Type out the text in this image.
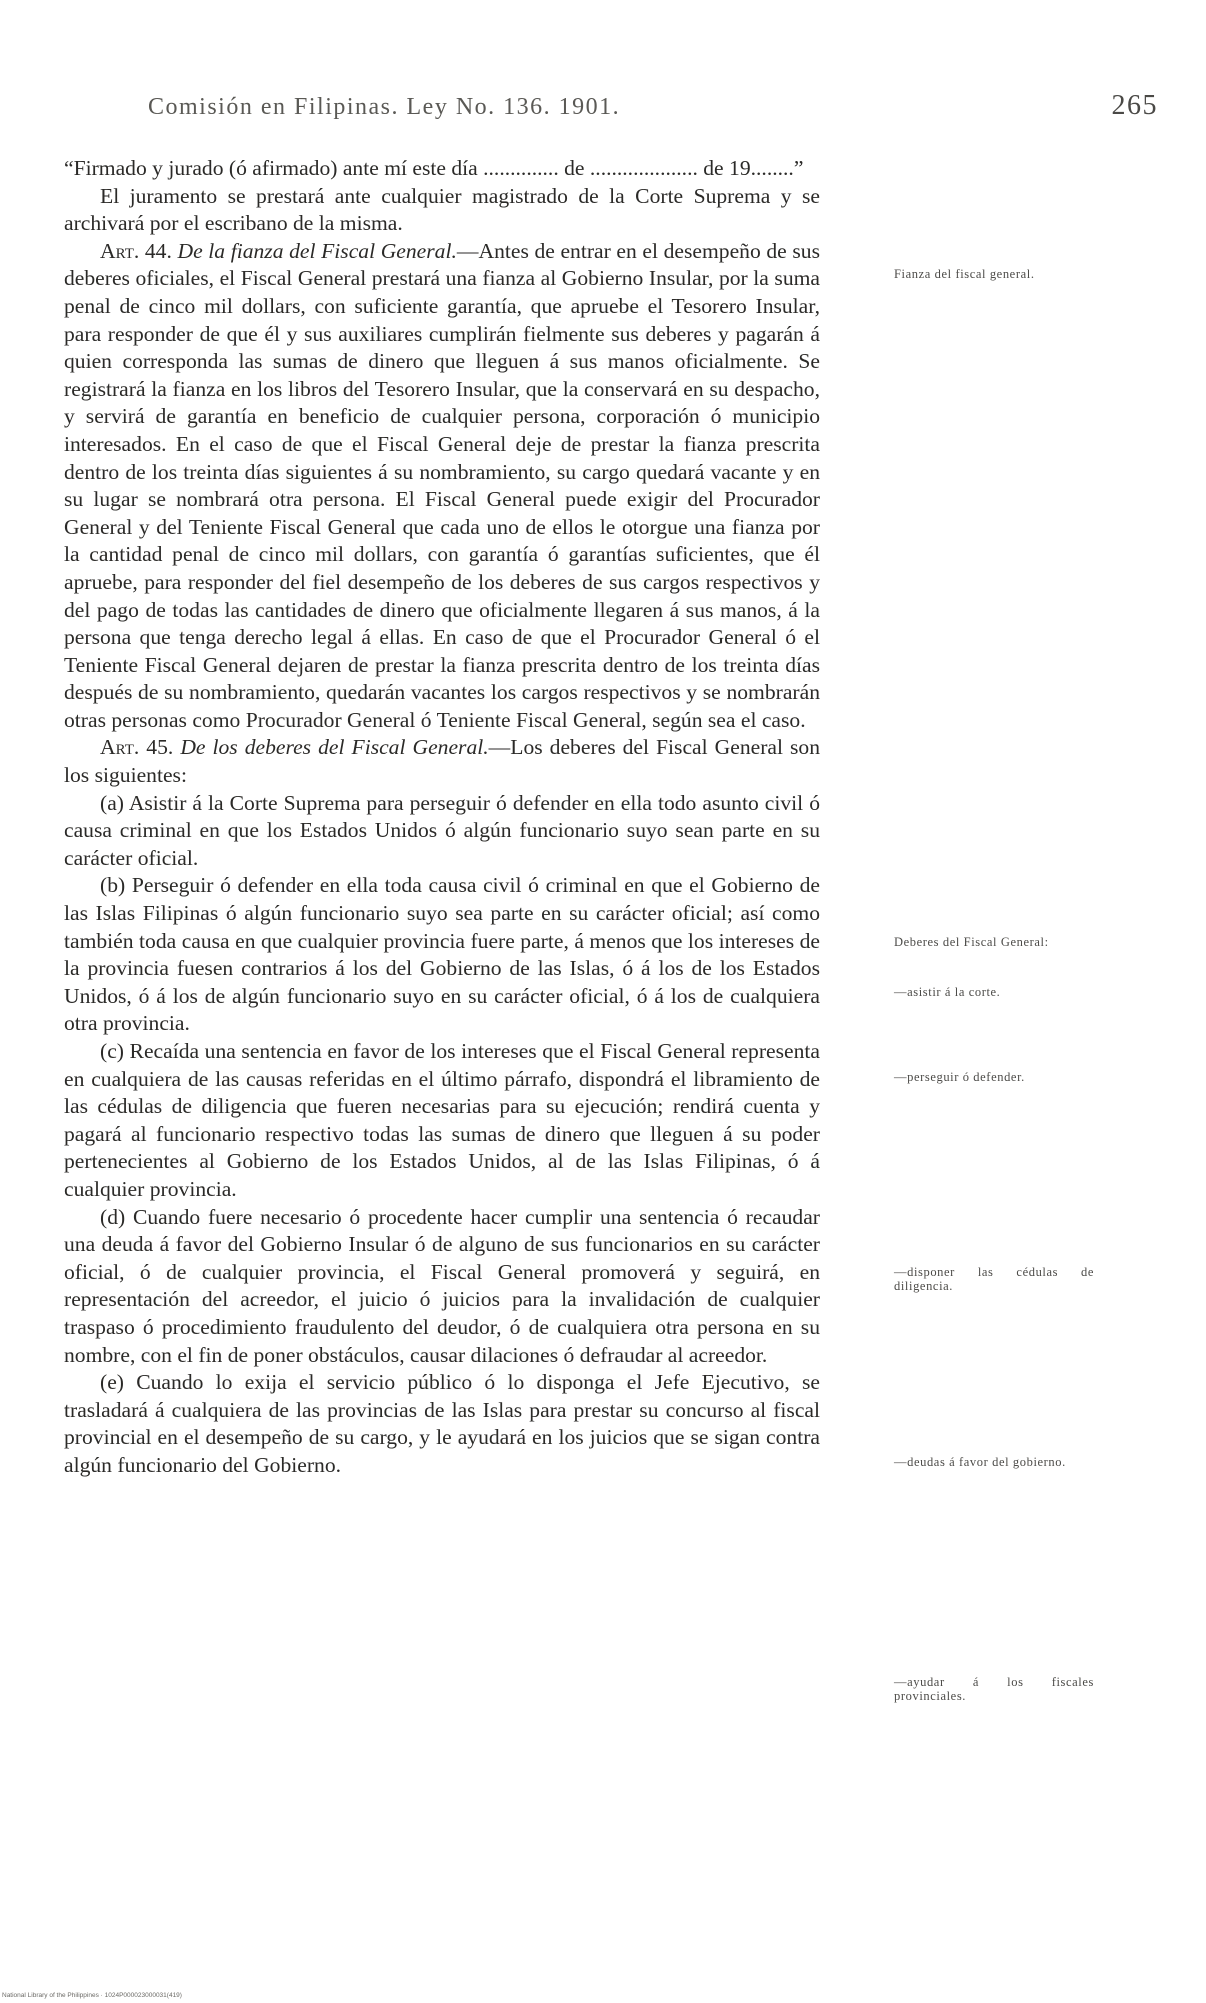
Comisión en Filipinas. Ley No. 136. 1901.	265

“Firmado y jurado (ó afirmado) ante mí este día .............. de .................... de 19........”

El juramento se prestará ante cualquier magistrado de la Corte Suprema y se archivará por el escribano de la misma.

Art. 44. De la fianza del Fiscal General.—Antes de entrar en el desempeño de sus deberes oficiales, el Fiscal General prestará una fianza al Gobierno Insular, por la suma penal de cinco mil dollars, con suficiente garantía, que apruebe el Tesorero Insular, para responder de que él y sus auxiliares cumplirán fielmente sus deberes y pagarán á quien corresponda las sumas de dinero que lleguen á sus manos oficialmente. Se registrará la fianza en los libros del Tesorero Insular, que la conservará en su despacho, y servirá de garantía en beneficio de cualquier persona, corporación ó municipio interesados. En el caso de que el Fiscal General deje de prestar la fianza prescrita dentro de los treinta días siguientes á su nombramiento, su cargo quedará vacante y en su lugar se nombrará otra persona. El Fiscal General puede exigir del Procurador General y del Teniente Fiscal General que cada uno de ellos le otorgue una fianza por la cantidad penal de cinco mil dollars, con garantía ó garantías suficientes, que él apruebe, para responder del fiel desempeño de los deberes de sus cargos respectivos y del pago de todas las cantidades de dinero que oficialmente llegaren á sus manos, á la persona que tenga derecho legal á ellas. En caso de que el Procurador General ó el Teniente Fiscal General dejaren de prestar la fianza prescrita dentro de los treinta días después de su nombramiento, quedarán vacantes los cargos respectivos y se nombrarán otras personas como Procurador General ó Teniente Fiscal General, según sea el caso.

Art. 45. De los deberes del Fiscal General.—Los deberes del Fiscal General son los siguientes:

(a) Asistir á la Corte Suprema para perseguir ó defender en ella todo asunto civil ó causa criminal en que los Estados Unidos ó algún funcionario suyo sean parte en su carácter oficial.

(b) Perseguir ó defender en ella toda causa civil ó criminal en que el Gobierno de las Islas Filipinas ó algún funcionario suyo sea parte en su carácter oficial; así como también toda causa en que cualquier provincia fuere parte, á menos que los intereses de la provincia fuesen contrarios á los del Gobierno de las Islas, ó á los de los Estados Unidos, ó á los de algún funcionario suyo en su carácter oficial, ó á los de cualquiera otra provincia.

(c) Recaída una sentencia en favor de los intereses que el Fiscal General representa en cualquiera de las causas referidas en el último párrafo, dispondrá el libramiento de las cédulas de diligencia que fueren necesarias para su ejecución; rendirá cuenta y pagará al funcionario respectivo todas las sumas de dinero que lleguen á su poder pertenecientes al Gobierno de los Estados Unidos, al de las Islas Filipinas, ó á cualquier provincia.

(d) Cuando fuere necesario ó procedente hacer cumplir una sentencia ó recaudar una deuda á favor del Gobierno Insular ó de alguno de sus funcionarios en su carácter oficial, ó de cualquier provincia, el Fiscal General promoverá y seguirá, en representación del acreedor, el juicio ó juicios para la invalidación de cualquier traspaso ó procedimiento fraudulento del deudor, ó de cualquiera otra persona en su nombre, con el fin de poner obstáculos, causar dilaciones ó defraudar al acreedor.

(e) Cuando lo exija el servicio público ó lo disponga el Jefe Ejecutivo, se trasladará á cualquiera de las provincias de las Islas para prestar su concurso al fiscal provincial en el desempeño de su cargo, y le ayudará en los juicios que se sigan contra algún funcionario del Gobierno.

Fianza del fiscal general.
Deberes del Fiscal General:
—asistir á la corte.
—perseguir ó defender.
—disponer las cédulas de diligencia.
—deudas á favor del gobierno.
—ayudar á los fiscales provinciales.
National Library of the Philippines · 1024P000023000031(419)
